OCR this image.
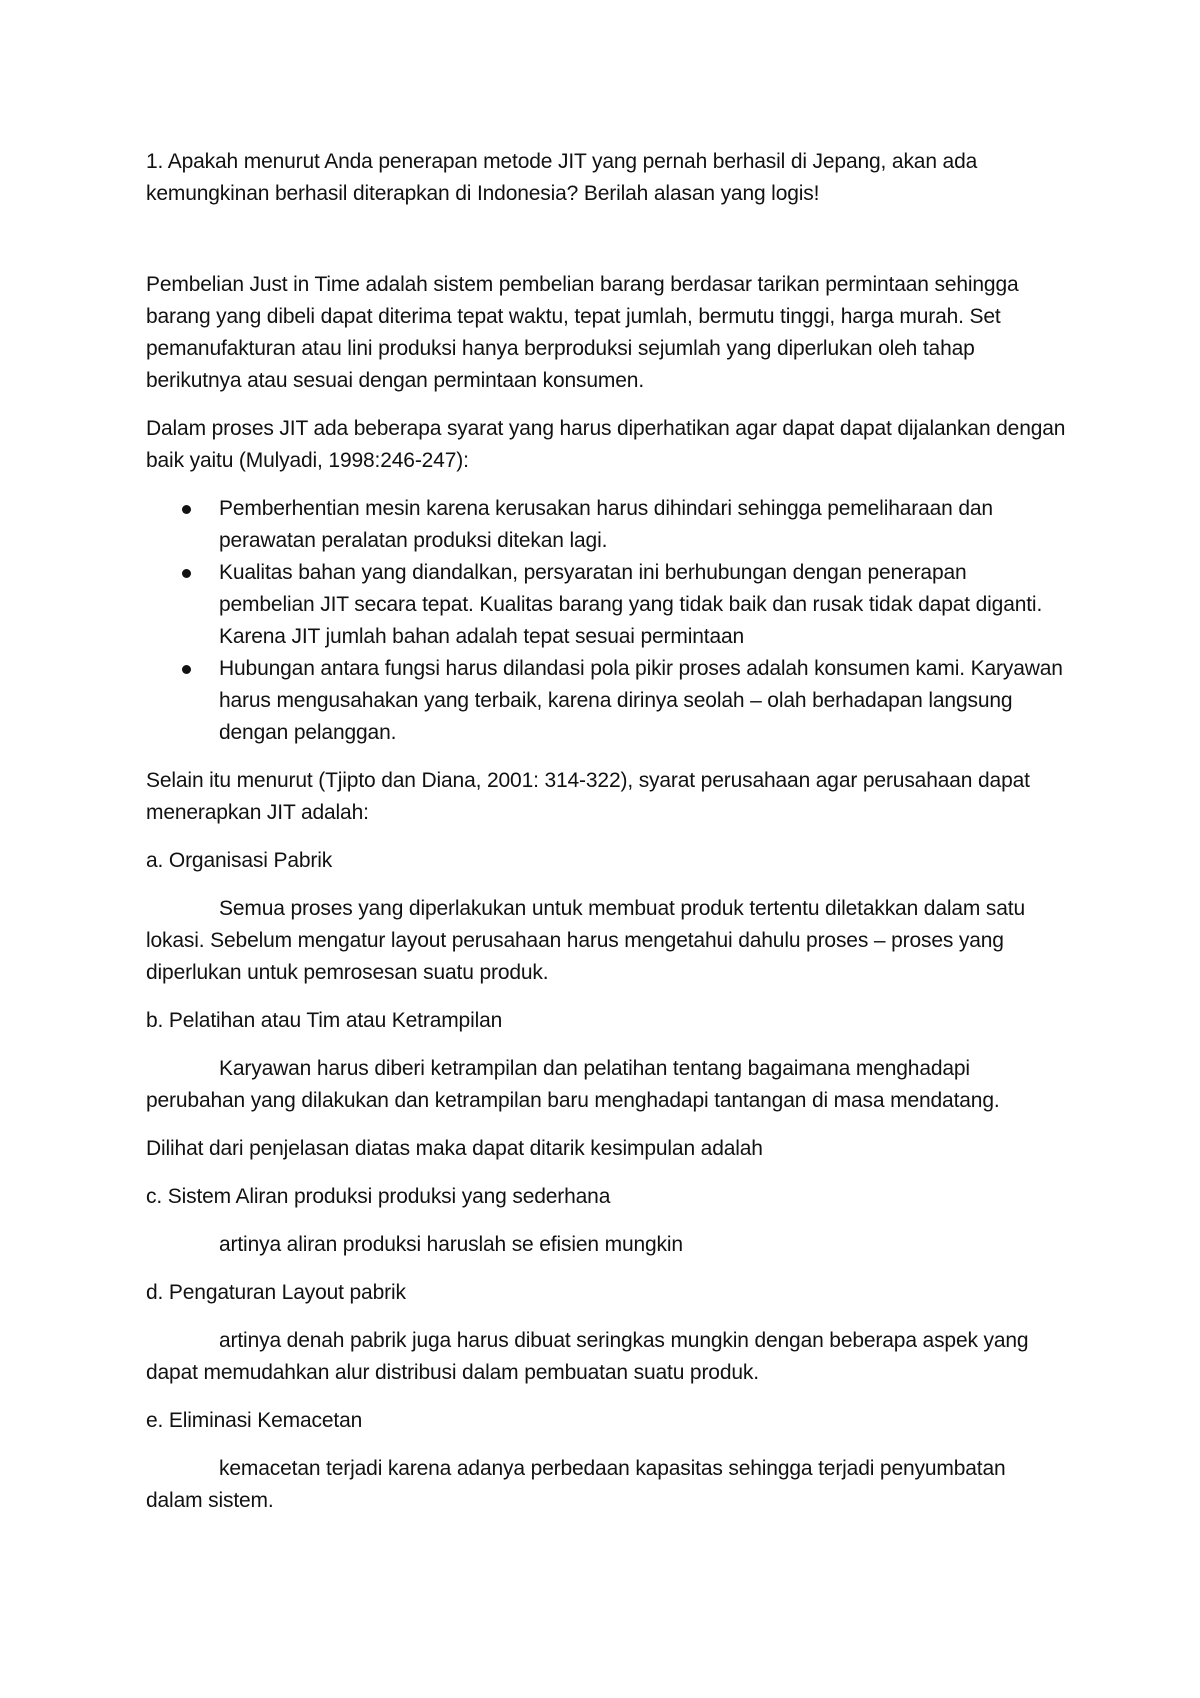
1. Apakah menurut Anda penerapan metode JIT yang pernah berhasil di Jepang, akan ada kemungkinan berhasil diterapkan di Indonesia? Berilah alasan yang logis!

Pembelian Just in Time adalah sistem pembelian barang berdasar tarikan permintaan sehingga barang yang dibeli dapat diterima tepat waktu, tepat jumlah, bermutu tinggi, harga murah. Set pemanufakturan atau lini produksi hanya berproduksi sejumlah yang diperlukan oleh tahap berikutnya atau sesuai dengan permintaan konsumen.

Dalam proses JIT ada beberapa syarat yang harus diperhatikan agar dapat dapat dijalankan dengan baik yaitu (Mulyadi, 1998:246-247):

Pemberhentian mesin karena kerusakan harus dihindari sehingga pemeliharaan dan perawatan peralatan produksi ditekan lagi.
Kualitas bahan yang diandalkan, persyaratan ini berhubungan dengan penerapan pembelian JIT secara tepat. Kualitas barang yang tidak baik dan rusak tidak dapat diganti. Karena JIT jumlah bahan adalah tepat sesuai permintaan
Hubungan antara fungsi harus dilandasi pola pikir proses adalah konsumen kami. Karyawan harus mengusahakan yang terbaik, karena dirinya seolah – olah berhadapan langsung dengan pelanggan.

Selain itu menurut (Tjipto dan Diana, 2001: 314-322), syarat perusahaan agar perusahaan dapat menerapkan JIT adalah:

a. Organisasi Pabrik

Semua proses yang diperlakukan untuk membuat produk tertentu diletakkan dalam satu lokasi. Sebelum mengatur layout perusahaan harus mengetahui dahulu proses – proses yang diperlukan untuk pemrosesan suatu produk.

b. Pelatihan atau Tim atau Ketrampilan

Karyawan harus diberi ketrampilan dan pelatihan tentang bagaimana menghadapi perubahan yang dilakukan dan ketrampilan baru menghadapi tantangan di masa mendatang.

Dilihat dari penjelasan diatas maka dapat ditarik kesimpulan adalah

c. Sistem Aliran produksi produksi yang sederhana

artinya aliran produksi haruslah se efisien mungkin

d. Pengaturan Layout pabrik

artinya denah pabrik juga harus dibuat seringkas mungkin dengan beberapa aspek yang dapat memudahkan alur distribusi dalam pembuatan suatu produk.

e. Eliminasi Kemacetan

kemacetan terjadi karena adanya perbedaan kapasitas sehingga terjadi penyumbatan dalam sistem.
